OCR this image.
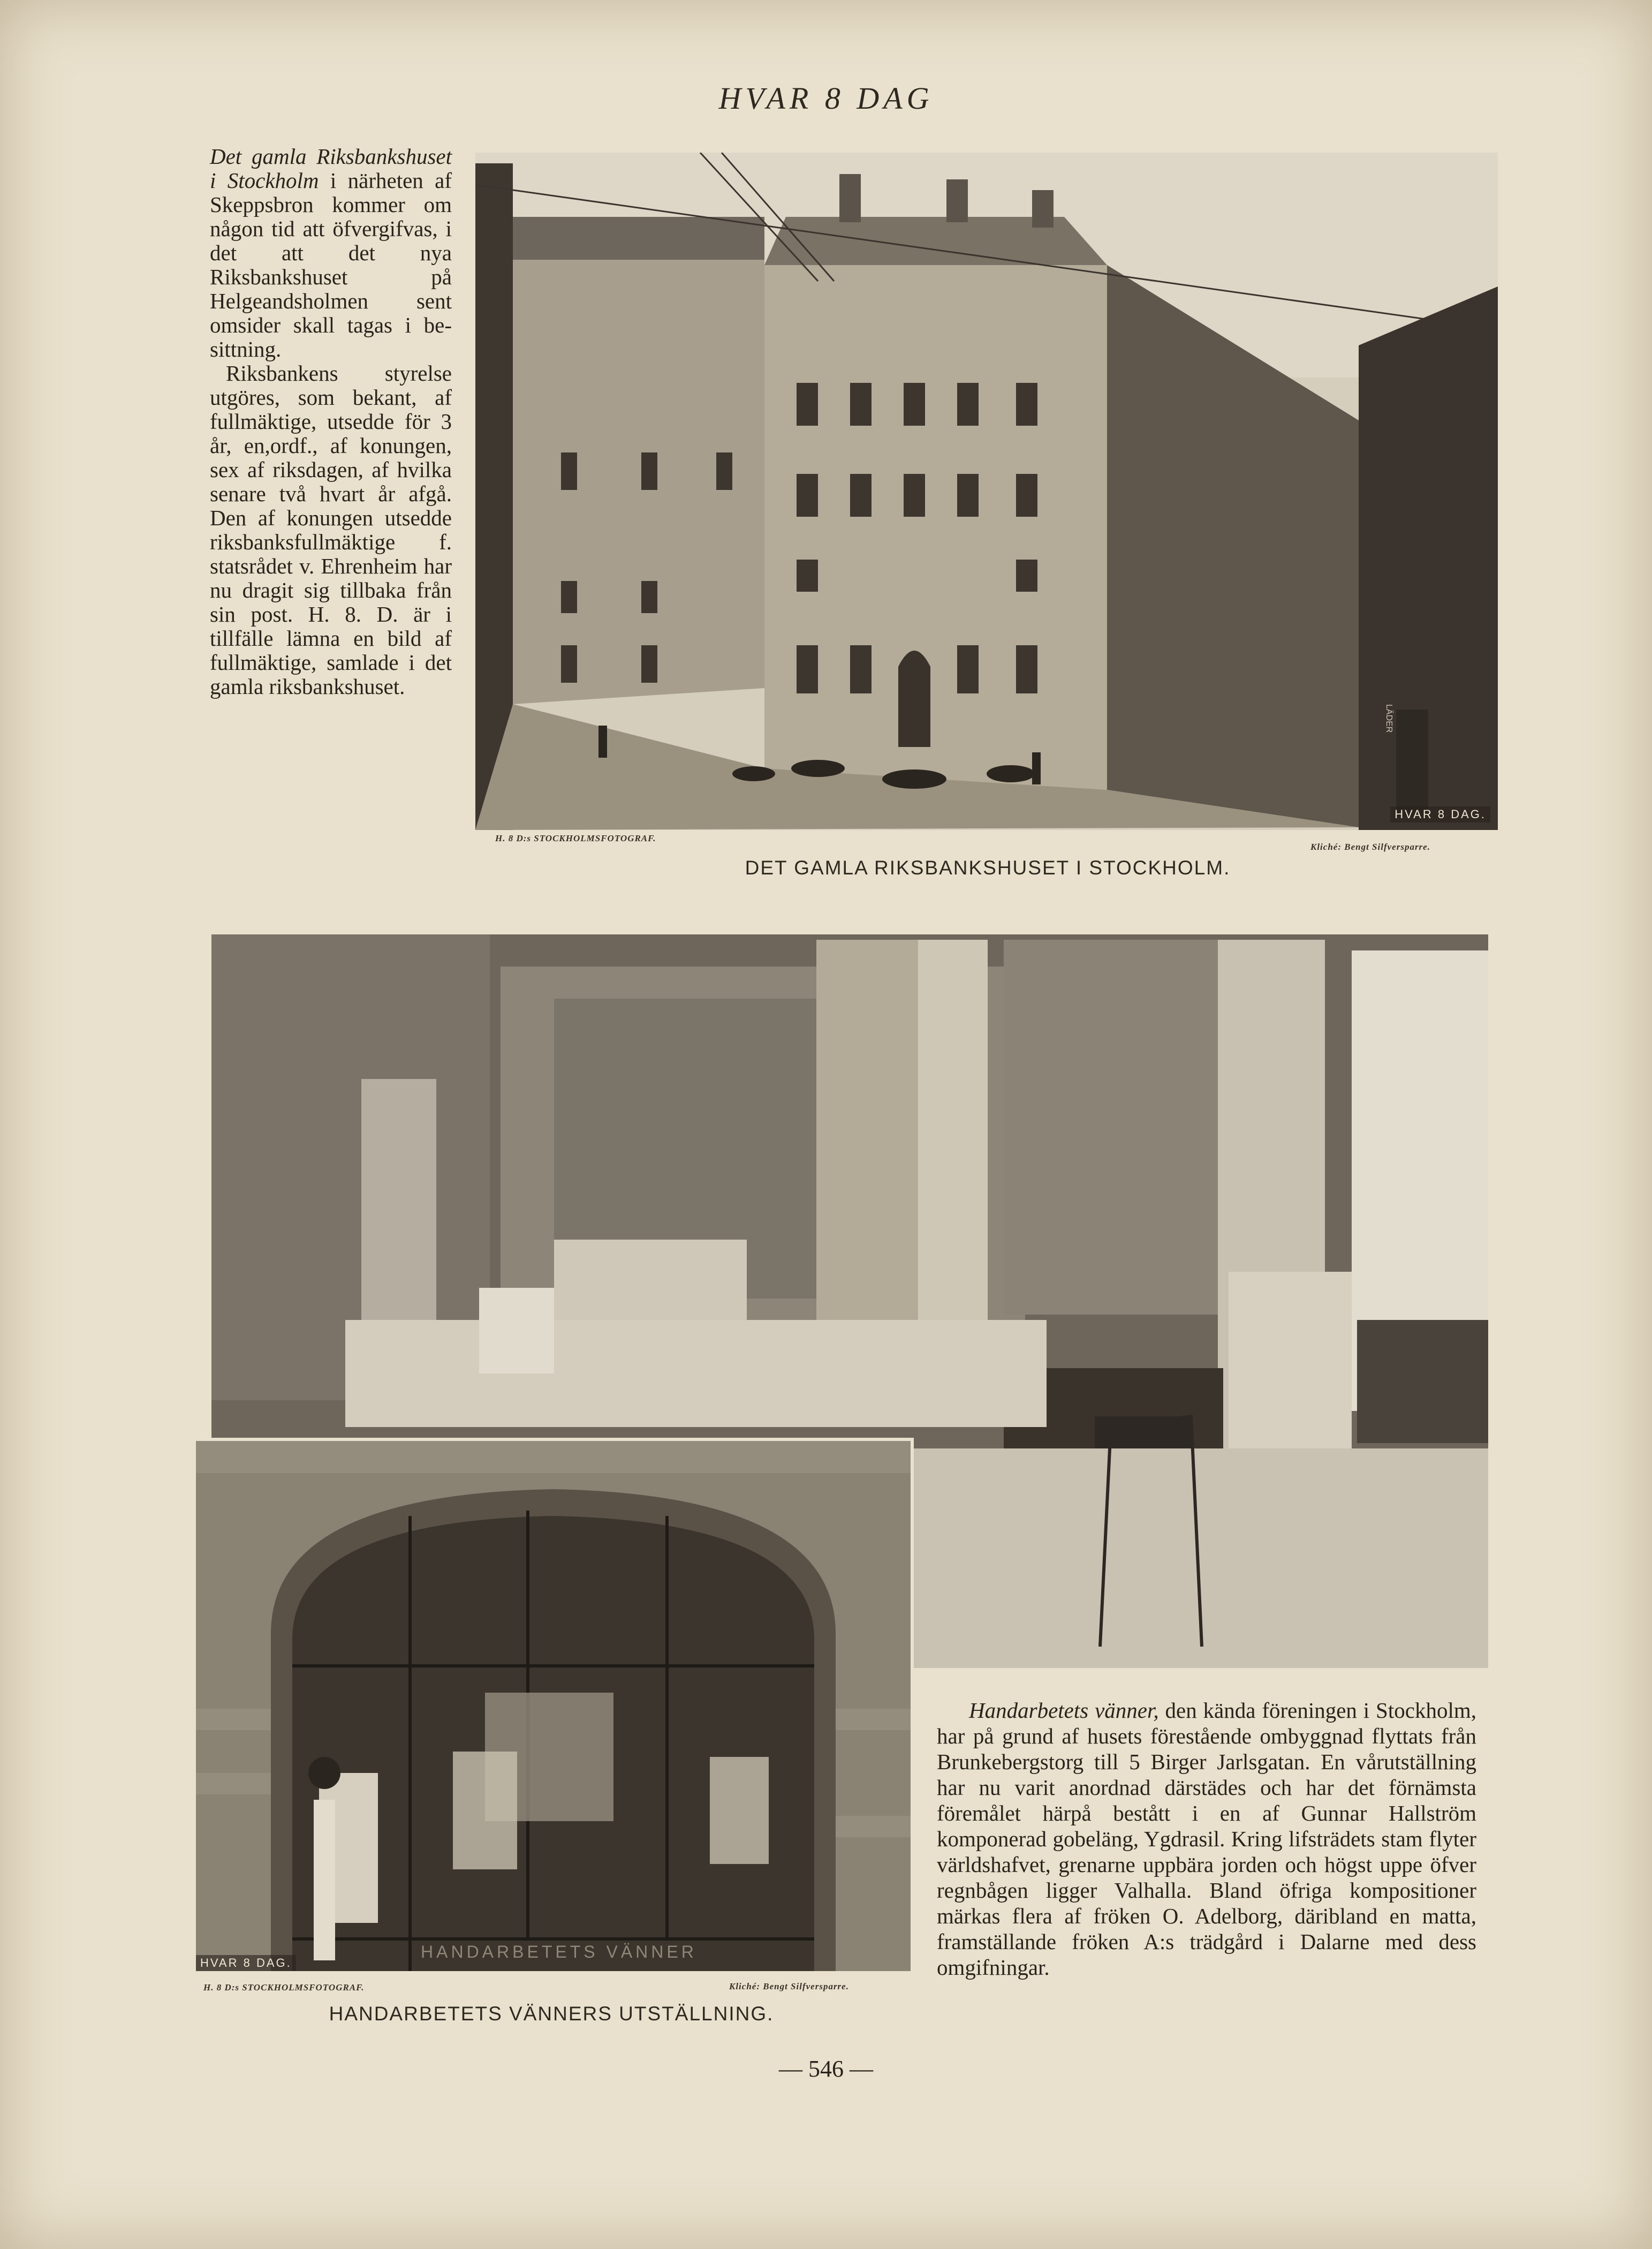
HVAR 8 DAG

Det gamla Riksbankshuset i Stockholm i närheten af Skeppsbron kommer om någon tid att öfvergifvas, i det att det nya Riksbankshuset på Helgeandsholmen sent omsider skall tagas i besittning.

Riksbankens styrelse utgöres, som bekant, af fullmäktige, utsedde för 3 år, en,ordf., af konungen, sex af riksdagen, af hvilka senare två hvart år afgå. Den af konungen utsedde riksbanksfullmäktige f. statsrådet v. Ehrenheim har nu dragit sig tillbaka från sin post. H. 8. D. är i tillfälle lämna en bild af fullmäktige, samlade i det gamla riksbankshuset.

HVAR 8 DAG.
LÄDER
H. 8 D:s STOCKHOLMSFOTOGRAF.
Kliché: Bengt Silfversparre.
DET GAMLA RIKSBANKSHUSET I STOCKHOLM.
HVAR 8 DAG.
HANDARBETETS VÄNNER
H. 8 D:s STOCKHOLMSFOTOGRAF.	Kliché: Bengt Silfversparre.
HANDARBETETS VÄNNERS UTSTÄLLNING.

Handarbetets vänner, den kända föreningen i Stockholm, har på grund af husets förestående ombyggnad flyttats från Brunkebergstorg till 5 Birger Jarlsgatan. En vårutställning har nu varit anordnad därstädes och har det förnämsta föremålet härpå bestått i en af Gunnar Hallström komponerad gobeläng, Ygdrasil. Kring lifsträdets stam flyter världshafvet, grenarne uppbära jorden och högst uppe öfver regnbågen ligger Valhalla. Bland öfriga kompositioner märkas flera af fröken O. Adelborg, däribland en matta, framställande fröken A:s trädgård i Dalarne med dess omgifningar.

— 546 —
